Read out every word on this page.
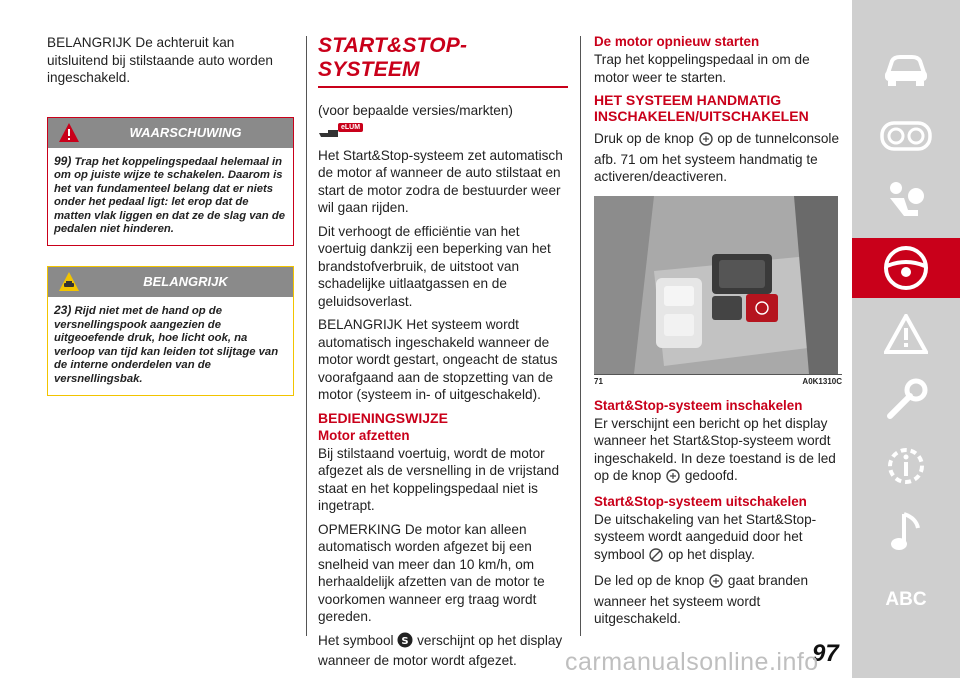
BELANGRIJK De achteruit kan uitsluitend bij stilstaande auto worden ingeschakeld.

WAARSCHUWING
99) Trap het koppelingspedaal helemaal in om op juiste wijze te schakelen. Daarom is het van fundamenteel belang dat er niets onder het pedaal ligt: let erop dat de matten vlak liggen en dat ze de slag van de pedalen niet hinderen.
BELANGRIJK
23) Rijd niet met de hand op de versnellingspook aangezien de uitgeoefende druk, hoe licht ook, na verloop van tijd kan leiden tot slijtage van de interne onderdelen van de versnellingsbak.
START&STOP-SYSTEEM

(voor bepaalde versies/markten)

eLUM

Het Start&Stop-systeem zet automatisch de motor af wanneer de auto stilstaat en start de motor zodra de bestuurder weer wil gaan rijden.

Dit verhoogt de efficiëntie van het voertuig dankzij een beperking van het brandstofverbruik, de uitstoot van schadelijke uitlaatgassen en de geluidsoverlast.

BELANGRIJK Het systeem wordt automatisch ingeschakeld wanneer de motor wordt gestart, ongeacht de status voorafgaand aan de stopzetting van de motor (systeem in- of uitgeschakeld).

BEDIENINGSWIJZE
Motor afzetten

Bij stilstaand voertuig, wordt de motor afgezet als de versnelling in de vrijstand staat en het koppelingspedaal niet is ingetrapt.

OPMERKING De motor kan alleen automatisch worden afgezet bij een snelheid van meer dan 10 km/h, om herhaaldelijk afzetten van de motor te voorkomen wanneer erg traag wordt gereden.

Het symbool S verschijnt op het display wanneer de motor wordt afgezet.

De motor opnieuw starten

Trap het koppelingspedaal in om de motor weer te starten.

HET SYSTEEM HANDMATIG INSCHAKELEN/UITSCHAKELEN

Druk op de knop op de tunnelconsole afb. 71 om het systeem handmatig te activeren/deactiveren.

71	A0K1310C
Start&Stop-systeem inschakelen

Er verschijnt een bericht op het display wanneer het Start&Stop-systeem wordt ingeschakeld. In deze toestand is de led op de knop gedoofd.

Start&Stop-systeem uitschakelen

De uitschakeling van het Start&Stop-systeem wordt aangeduid door het symbool op het display.

De led op de knop gaat branden wanneer het systeem wordt uitgeschakeld.

ABC
97
carmanualsonline.info
